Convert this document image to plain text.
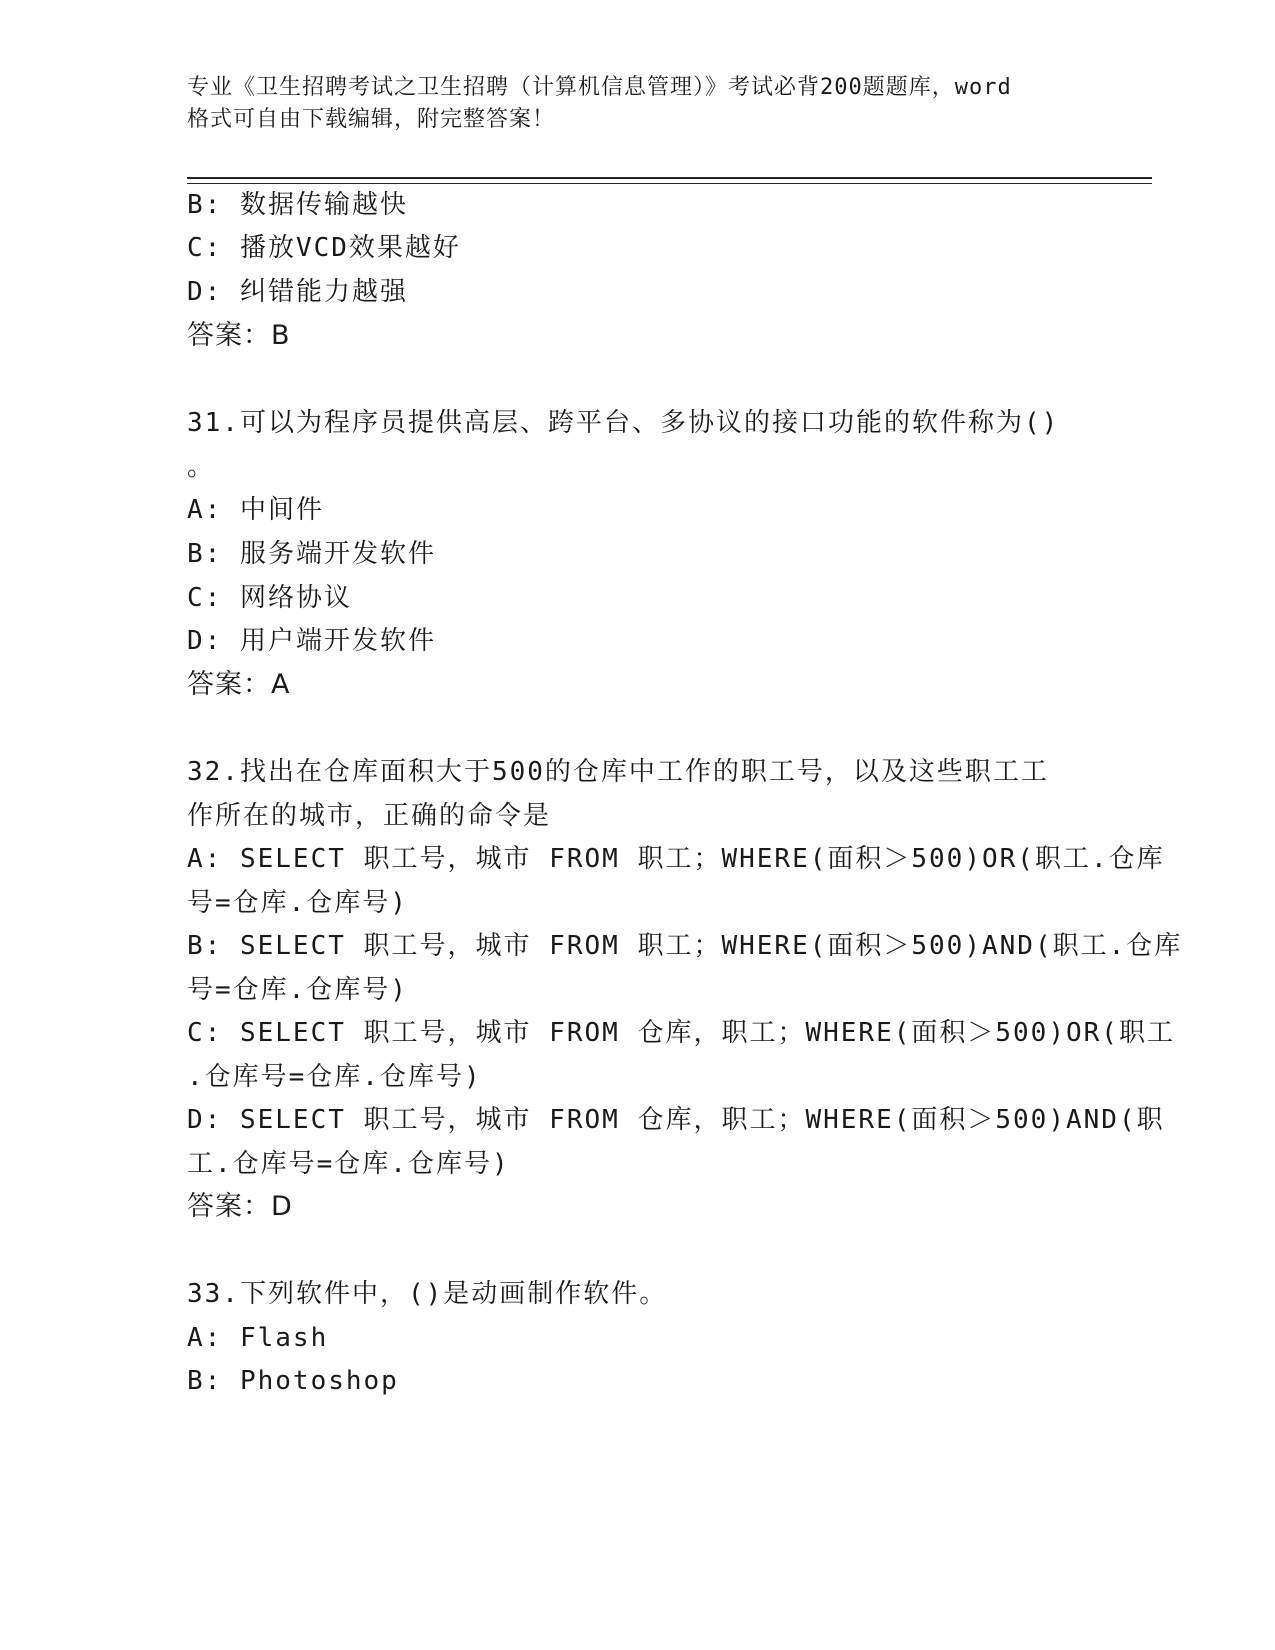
专业《卫生招聘考试之卫生招聘（计算机信息管理）》考试必背200题题库，word
格式可自由下载编辑，附完整答案！
B: 数据传输越快
C: 播放VCD效果越好
D: 纠错能力越强
答案：B
31.可以为程序员提供高层、跨平台、多协议的接口功能的软件称为()
。
A: 中间件
B: 服务端开发软件
C: 网络协议
D: 用户端开发软件
答案：A
32.找出在仓库面积大于500的仓库中工作的职工号，以及这些职工工
作所在的城市，正确的命令是
A: SELECT 职工号，城市 FROM 职工；WHERE(面积＞500)OR(职工.仓库
号=仓库.仓库号)
B: SELECT 职工号，城市 FROM 职工；WHERE(面积＞500)AND(职工.仓库
号=仓库.仓库号)
C: SELECT 职工号，城市 FROM 仓库，职工；WHERE(面积＞500)OR(职工
.仓库号=仓库.仓库号)
D: SELECT 职工号，城市 FROM 仓库，职工；WHERE(面积＞500)AND(职
工.仓库号=仓库.仓库号)
答案：D
33.下列软件中，()是动画制作软件。
A: Flash
B: Photoshop
